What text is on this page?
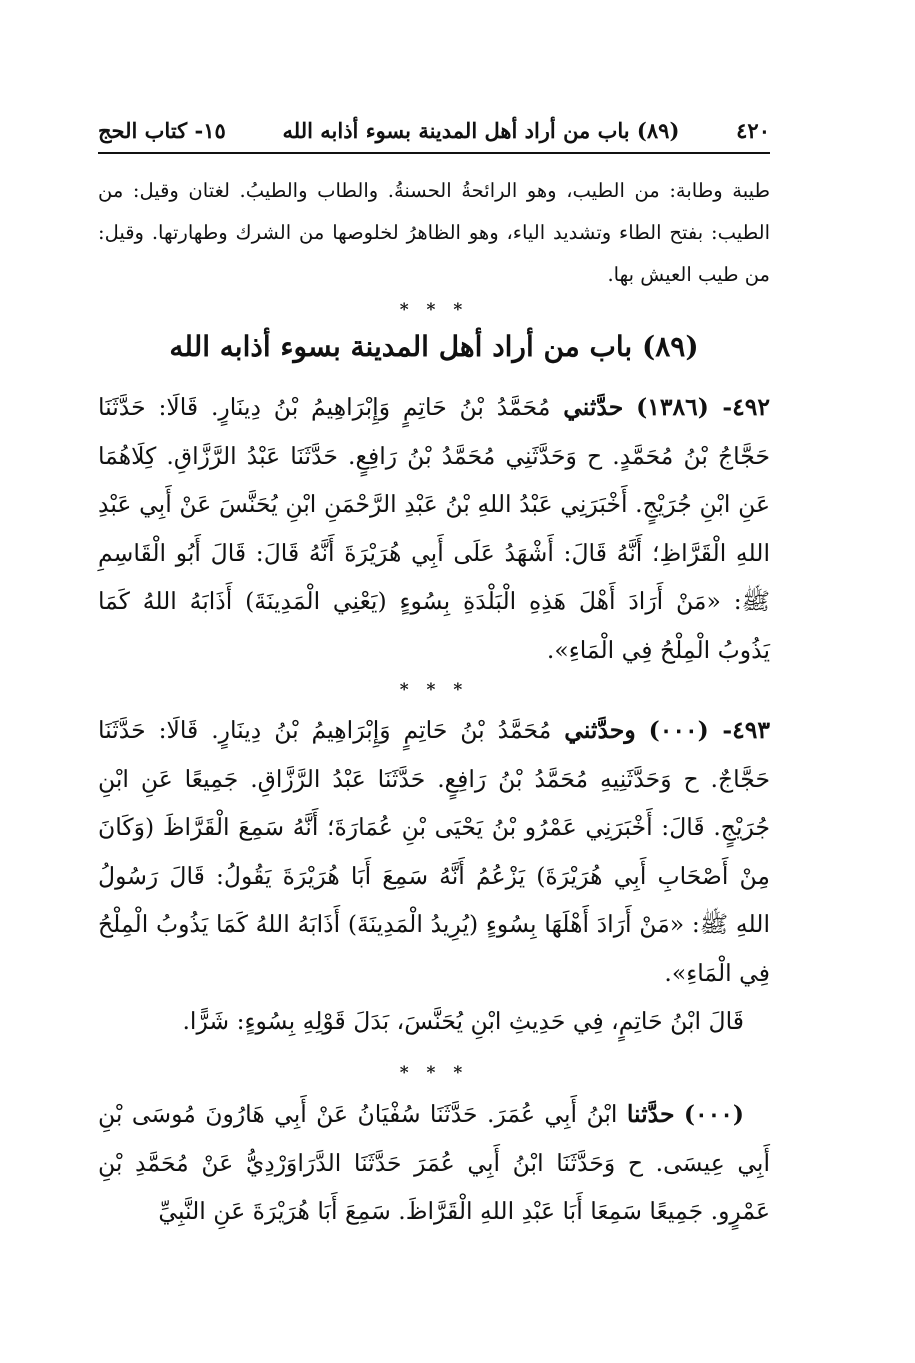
٤٢٠
(٨٩) باب من أراد أهل المدينة بسوء أذابه الله
١٥- كتاب الحج

طيبة وطابة: من الطيب، وهو الرائحةُ الحسنةُ. والطاب والطيبُ. لغتان وقيل: من الطيب: بفتح الطاء وتشديد الياء، وهو الظاهرُ لخلوصها من الشرك وطهارتها. وقيل: من طيب العيش بها.

* * *
(٨٩) باب من أراد أهل المدينة بسوء أذابه الله

٤٩٢- (١٣٨٦) حدَّثني مُحَمَّدُ بْنُ حَاتِمٍ وَإِبْرَاهِيمُ بْنُ دِينَارٍ. قَالَا: حَدَّثَنَا حَجَّاجُ بْنُ مُحَمَّدٍ. ح وَحَدَّثَنِي مُحَمَّدُ بْنُ رَافِعٍ. حَدَّثَنَا عَبْدُ الرَّزَّاقِ. كِلَاهُمَا عَنِ ابْنِ جُرَيْجٍ. أَخْبَرَنِي عَبْدُ اللهِ بْنُ عَبْدِ الرَّحْمَنِ ابْنِ يُحَنَّسَ عَنْ أَبِي عَبْدِ اللهِ الْقَرَّاظِ؛ أَنَّهُ قَالَ: أَشْهَدُ عَلَى أَبِي هُرَيْرَةَ أَنَّهُ قَالَ: قَالَ أَبُو الْقَاسِمِ ﷺ: «مَنْ أَرَادَ أَهْلَ هَذِهِ الْبَلْدَةِ بِسُوءٍ (يَعْنِي الْمَدِينَةَ) أَذَابَهُ اللهُ كَمَا يَذُوبُ الْمِلْحُ فِي الْمَاءِ».

* * *

٤٩٣- (٠٠٠) وحدَّثني مُحَمَّدُ بْنُ حَاتِمٍ وَإِبْرَاهِيمُ بْنُ دِينَارٍ. قَالَا: حَدَّثَنَا حَجَّاجٌ. ح وَحَدَّثَنِيهِ مُحَمَّدُ بْنُ رَافِعٍ. حَدَّثَنَا عَبْدُ الرَّزَّاقِ. جَمِيعًا عَنِ ابْنِ جُرَيْجٍ. قَالَ: أَخْبَرَنِي عَمْرُو بْنُ يَحْيَى بْنِ عُمَارَةَ؛ أَنَّهُ سَمِعَ الْقَرَّاظَ (وَكَانَ مِنْ أَصْحَابِ أَبِي هُرَيْرَةَ) يَزْعُمُ أَنَّهُ سَمِعَ أَبَا هُرَيْرَةَ يَقُولُ: قَالَ رَسُولُ اللهِ ﷺ: «مَنْ أَرَادَ أَهْلَهَا بِسُوءٍ (يُرِيدُ الْمَدِينَةَ) أَذَابَهُ اللهُ كَمَا يَذُوبُ الْمِلْحُ فِي الْمَاءِ».

قَالَ ابْنُ حَاتِمٍ، فِي حَدِيثِ ابْنِ يُحَنَّسَ، بَدَلَ قَوْلِهِ بِسُوءٍ: شَرًّا.

* * *

(٠٠٠) حدَّثنا ابْنُ أَبِي عُمَرَ. حَدَّثَنَا سُفْيَانُ عَنْ أَبِي هَارُونَ مُوسَى بْنِ أَبِي عِيسَى. ح وَحَدَّثَنَا ابْنُ أَبِي عُمَرَ حَدَّثَنَا الدَّرَاوَرْدِيُّ عَنْ مُحَمَّدِ بْنِ عَمْرٍو. جَمِيعًا سَمِعَا أَبَا عَبْدِ اللهِ الْقَرَّاظَ. سَمِعَ أَبَا هُرَيْرَةَ عَنِ النَّبِيِّ
